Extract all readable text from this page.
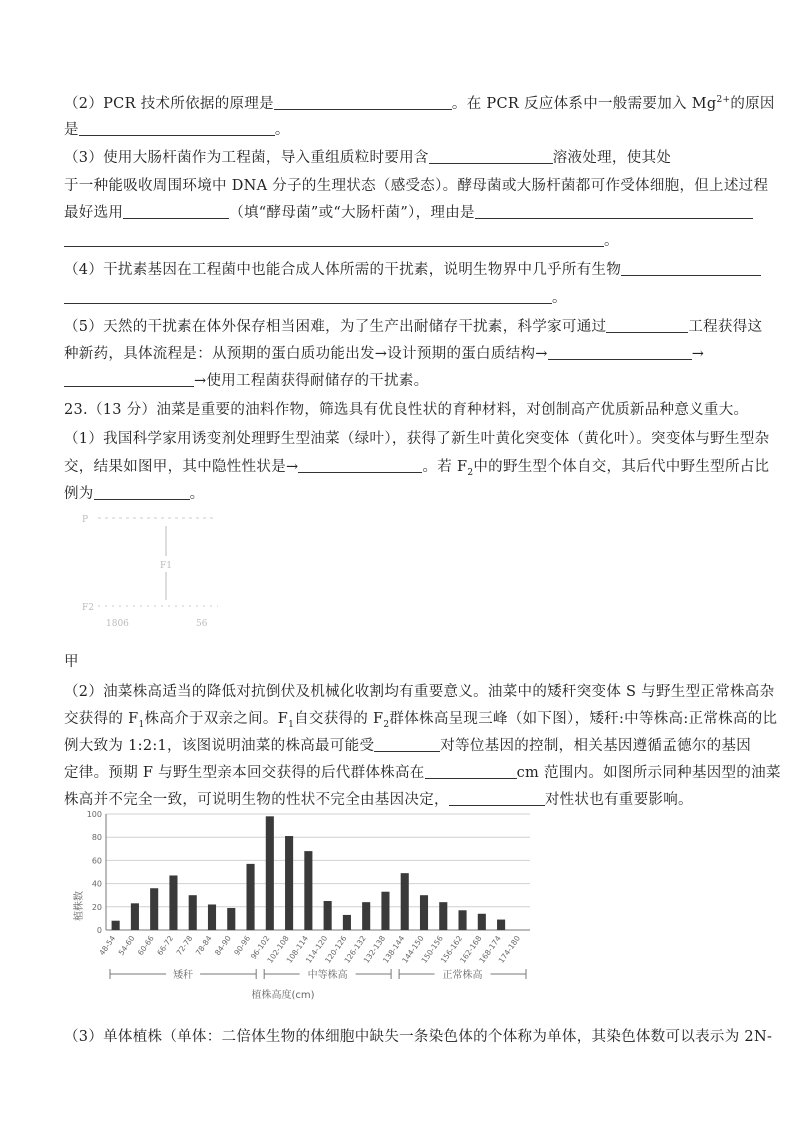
（2）PCR 技术所依据的原理是	。在 PCR 反应体系中一般需要加入 $Mg^{2+}$的原因
是	。
（3）使用大肠杆菌作为工程菌，导入重组质粒时要用含	溶液处理，使其处
于一种能吸收周围环境中 DNA 分子的生理状态（感受态）。酵母菌或大肠杆菌都可作受体细胞，但上述过程
最好选用	（填“酵母菌”或“大肠杆菌”），理由是
。
（4）干扰素基因在工程菌中也能合成人体所需的干扰素，说明生物界中几乎所有生物
。
（5）天然的干扰素在体外保存相当困难，为了生产出耐储存干扰素，科学家可通过	工程获得这
种新药，具体流程是：从预期的蛋白质功能出发→设计预期的蛋白质结构→	→
→使用工程菌获得耐储存的干扰素。
23.（13 分）油菜是重要的油料作物，筛选具有优良性状的育种材料，对创制高产优质新品种意义重大。
（1）我国科学家用诱变剂处理野生型油菜（绿叶），获得了新生叶黄化突变体（黄化叶）。突变体与野生型杂
交，结果如图甲，其中隐性性状是→	。若 $F_2$中的野生型个体自交，其后代中野生型所占比
例为	。
P
F1
F2
1806	56
甲
（2）油菜株高适当的降低对抗倒伏及机械化收割均有重要意义。油菜中的矮秆突变体 S 与野生型正常株高杂
交获得的 $F_1$株高介于双亲之间。$F_1$自交获得的 $F_2$群体株高呈现三峰（如下图），矮秆:中等株高:正常株高的比
例大致为 1:2:1，该图说明油菜的株高最可能受	对等位基因的控制，相关基因遵循孟德尔的基因
定律。预期 F 与野生型亲本回交获得的后代群体株高在	cm 范围内。如图所示同种基因型的油菜
株高并不完全一致，可说明生物的性状不完全由基因决定，	对性状也有重要影响。
0
20
40
60
80
100
48-54 54-60 60-66 66-72 72-78 78-84 84-90 90-96
96-102
102-108
108-114
114-120
120-126
126-132
132-138
138-144
144-150
150-156
156-162
162-168
168-174
174-180
植株数
矮秆	中等株高	正常株高
植株高度(cm)
（3）单体植株（单体：二倍体生物的体细胞中缺失一条染色体的个体称为单体，其染色体数可以表示为 2N-
